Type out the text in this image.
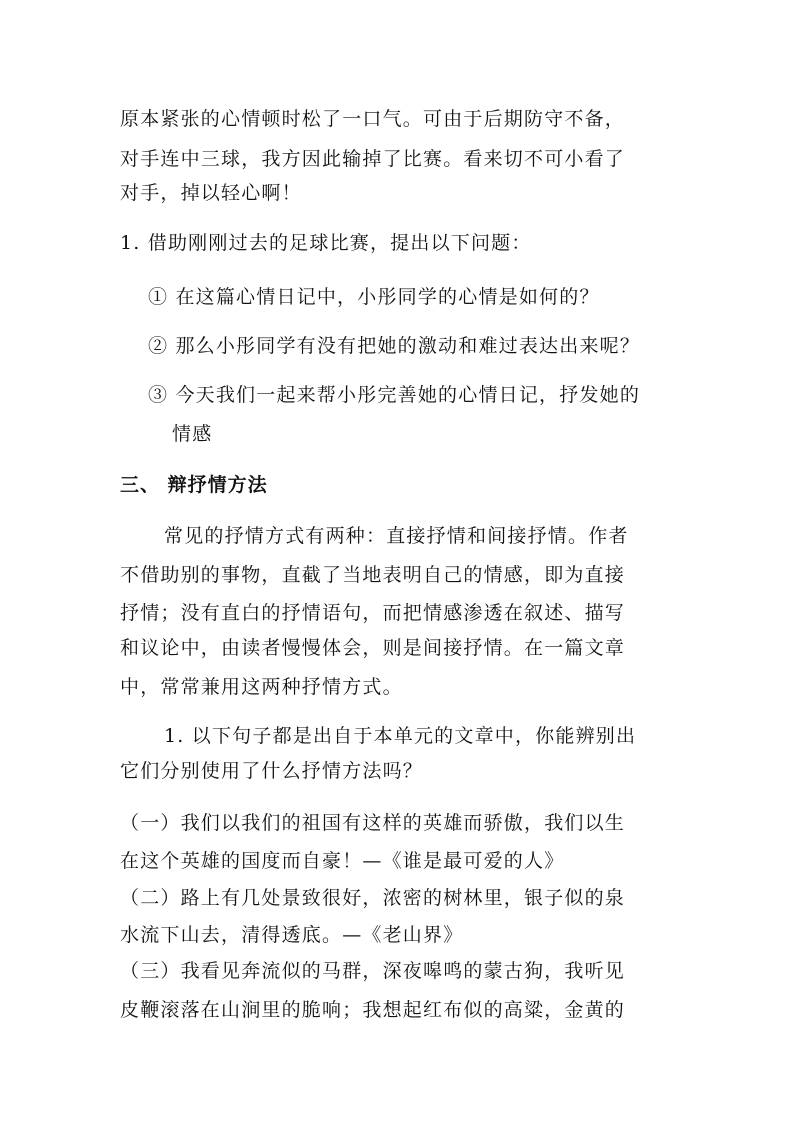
原本紧张的心情顿时松了一口气。可由于后期防守不备，
对手连中三球，我方因此输掉了比赛。看来切不可小看了
对手，掉以轻心啊！
1. 借助刚刚过去的足球比赛，提出以下问题：
① 在这篇心情日记中，小彤同学的心情是如何的？
② 那么小彤同学有没有把她的激动和难过表达出来呢？
③ 今天我们一起来帮小彤完善她的心情日记，抒发她的
情感
三、 辩抒情方法
常见的抒情方式有两种：直接抒情和间接抒情。作者
不借助别的事物，直截了当地表明自己的情感，即为直接
抒情；没有直白的抒情语句，而把情感渗透在叙述、描写
和议论中，由读者慢慢体会，则是间接抒情。在一篇文章
中，常常兼用这两种抒情方式。
1. 以下句子都是出自于本单元的文章中，你能辨别出
它们分别使用了什么抒情方法吗？
（一）我们以我们的祖国有这样的英雄而骄傲，我们以生
在这个英雄的国度而自豪！—《谁是最可爱的人》
（二）路上有几处景致很好，浓密的树林里，银子似的泉
水流下山去，清得透底。—《老山界》
（三）我看见奔流似的马群，深夜嗥鸣的蒙古狗，我听见
皮鞭滚落在山涧里的脆响；我想起红布似的高粱，金黄的
